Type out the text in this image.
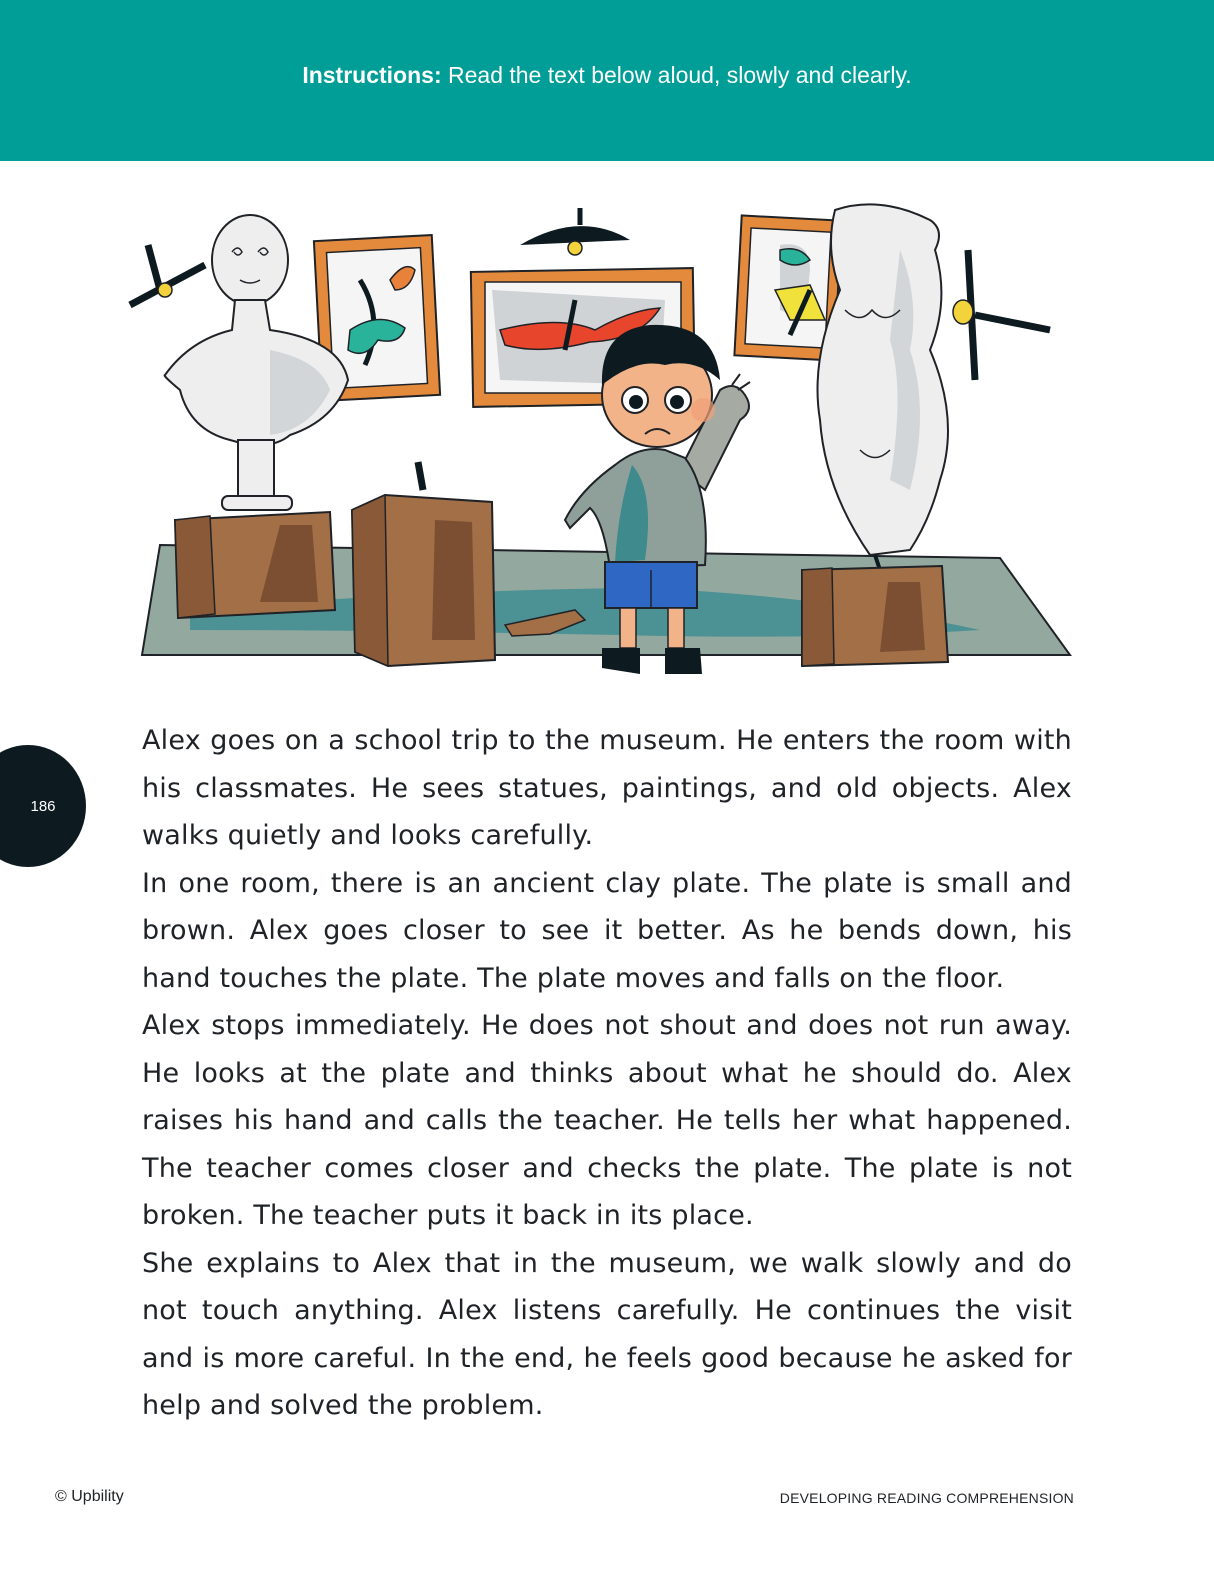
Instructions: Read the text below aloud, slowly and clearly.
186

Alex goes on a school trip to the museum. He enters the room with his classmates. He sees statues, paintings, and old objects. Alex walks quietly and looks carefully.

In one room, there is an ancient clay plate. The plate is small and brown. Alex goes closer to see it better. As he bends down, his hand touches the plate. The plate moves and falls on the floor.

Alex stops immediately. He does not shout and does not run away. He looks at the plate and thinks about what he should do. Alex raises his hand and calls the teacher. He tells her what happened. The teacher comes closer and checks the plate. The plate is not broken. The teacher puts it back in its place.

She explains to Alex that in the museum, we walk slowly and do not touch anything. Alex listens carefully. He continues the visit and is more careful. In the end, he feels good because he asked for help and solved the problem.

© Upbility	DEVELOPING READING COMPREHENSION
